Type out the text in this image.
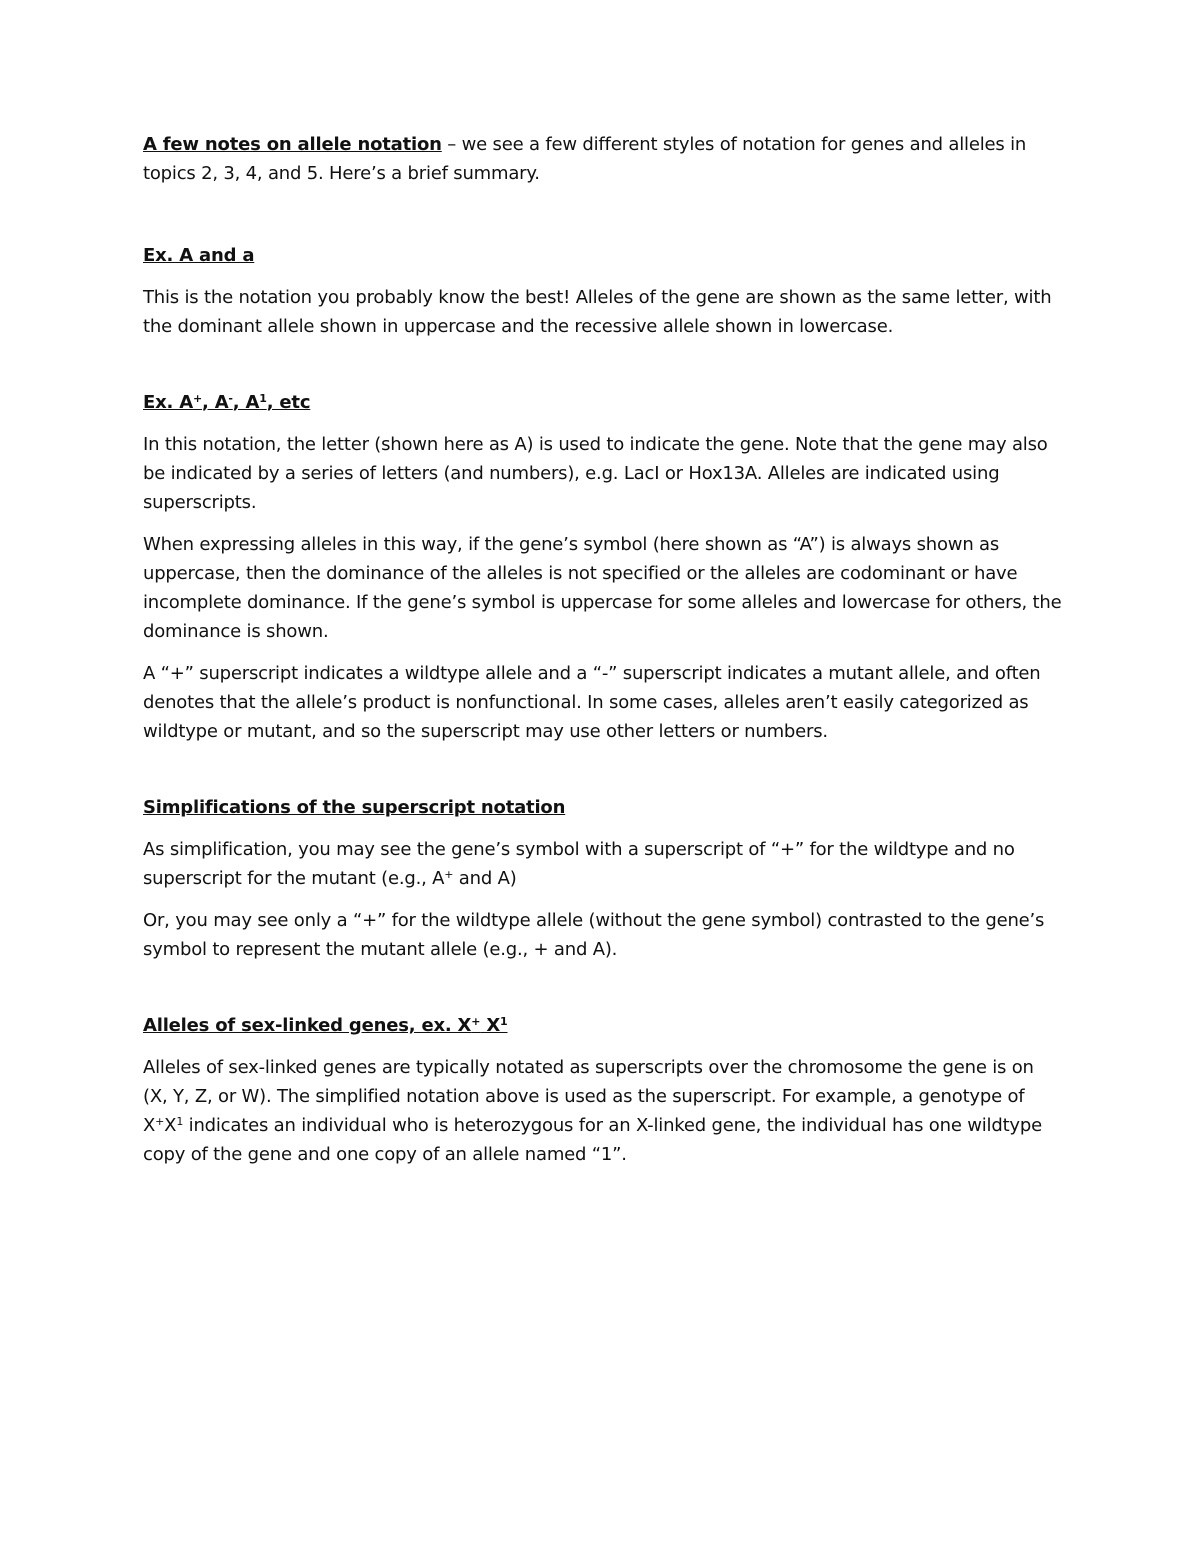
A few notes on allele notation – we see a few different styles of notation for genes and alleles in topics 2, 3, 4, and 5. Here’s a brief summary.

Ex. A and a

This is the notation you probably know the best! Alleles of the gene are shown as the same letter, with the dominant allele shown in uppercase and the recessive allele shown in lowercase.

Ex. A+, A-, $A^1$, etc

In this notation, the letter (shown here as A) is used to indicate the gene. Note that the gene may also be indicated by a series of letters (and numbers), e.g. LacI or Hox13A. Alleles are indicated using superscripts.

When expressing alleles in this way, if the gene’s symbol (here shown as “A”) is always shown as uppercase, then the dominance of the alleles is not specified or the alleles are codominant or have incomplete dominance. If the gene’s symbol is uppercase for some alleles and lowercase for others, the dominance is shown.

A “+” superscript indicates a wildtype allele and a “-” superscript indicates a mutant allele, and often denotes that the allele’s product is nonfunctional. In some cases, alleles aren’t easily categorized as wildtype or mutant, and so the superscript may use other letters or numbers.

Simplifications of the superscript notation

As simplification, you may see the gene’s symbol with a superscript of “+” for the wildtype and no superscript for the mutant (e.g., A+ and A)

Or, you may see only a “+” for the wildtype allele (without the gene symbol) contrasted to the gene’s symbol to represent the mutant allele (e.g., + and A).

Alleles of sex-linked genes, ex. X+ $X^1$

Alleles of sex-linked genes are typically notated as superscripts over the chromosome the gene is on (X, Y, Z, or W). The simplified notation above is used as the superscript. For example, a genotype of $X^+X^1$ indicates an individual who is heterozygous for an X-linked gene, the individual has one wildtype copy of the gene and one copy of an allele named “1”.
